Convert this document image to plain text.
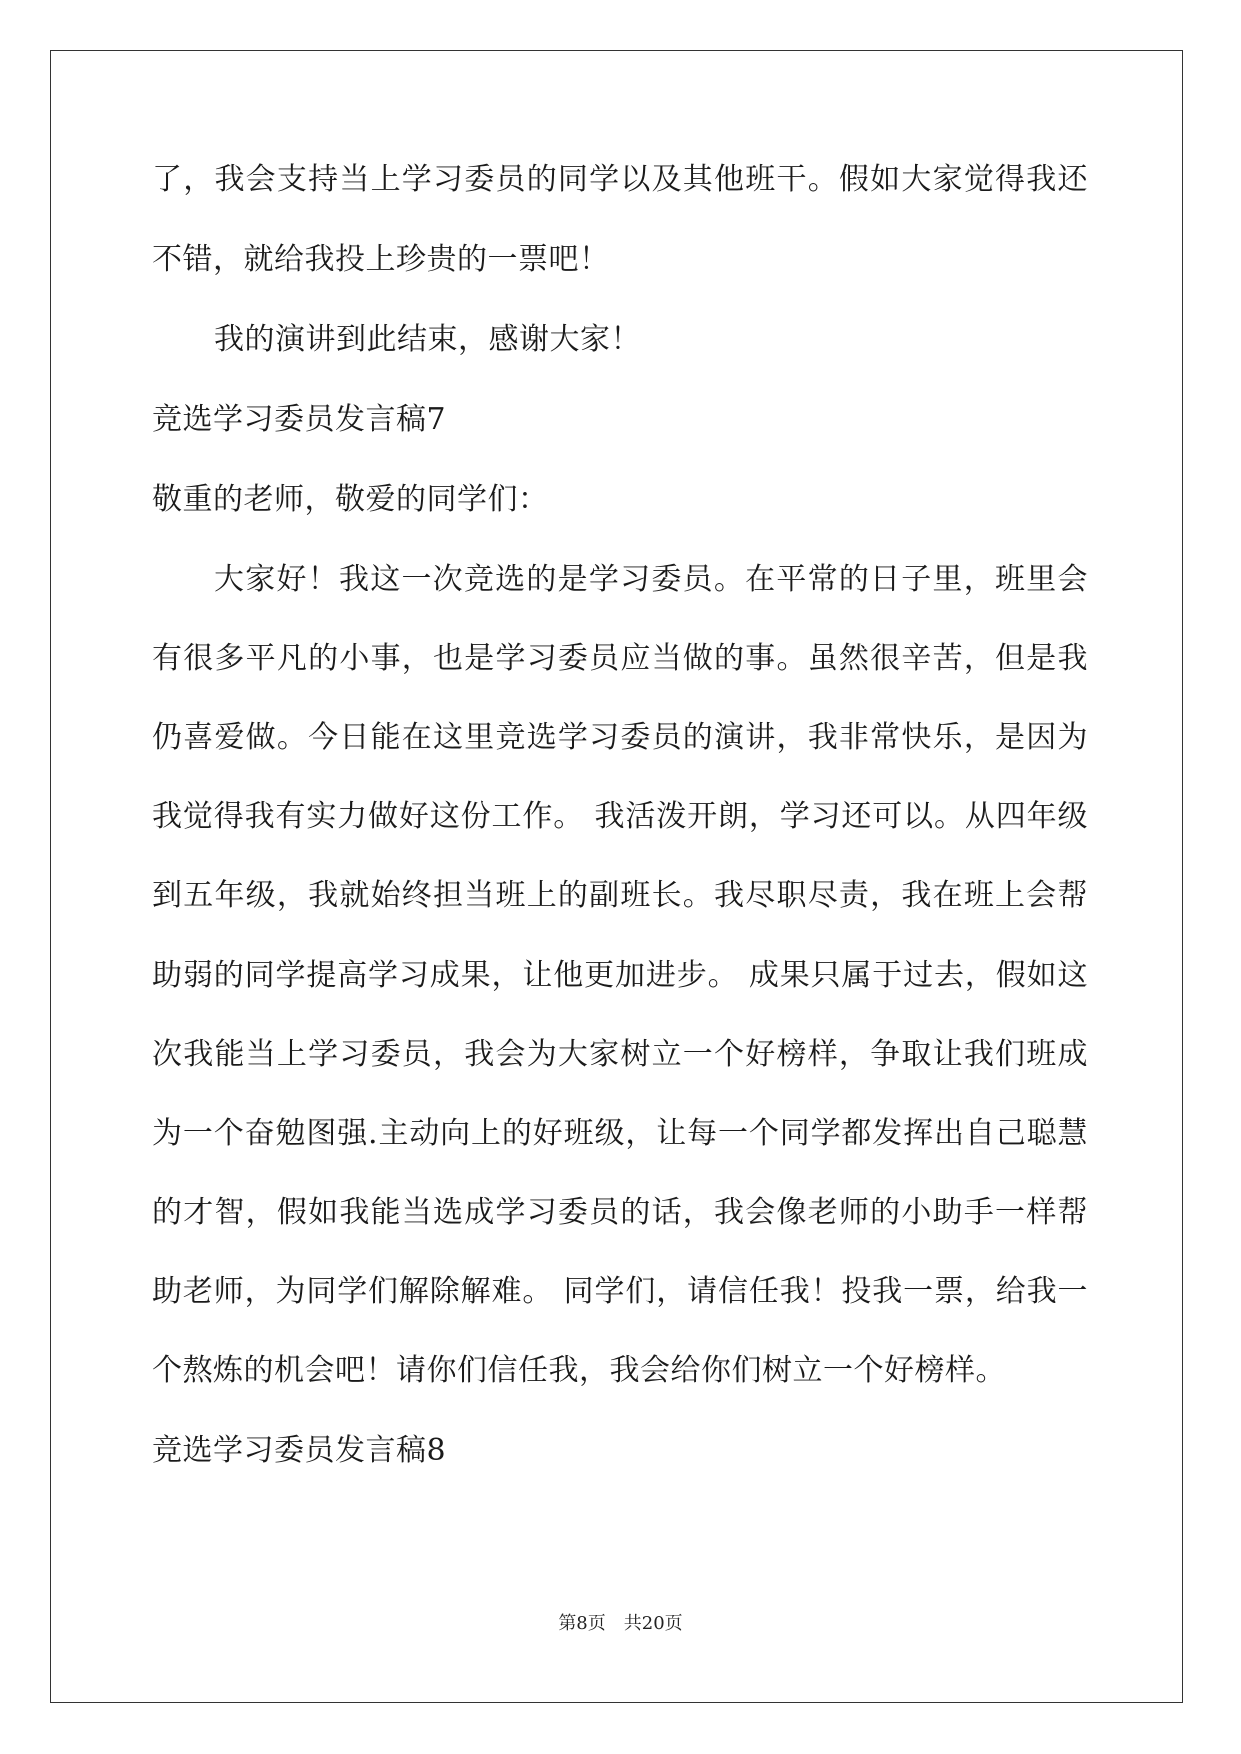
了，我会支持当上学习委员的同学以及其他班干。假如大家觉得我还
不错，就给我投上珍贵的一票吧！
我的演讲到此结束，感谢大家！
竞选学习委员发言稿7
敬重的老师，敬爱的同学们：
大家好！我这一次竞选的是学习委员。在平常的日子里，班里会
有很多平凡的小事，也是学习委员应当做的事。虽然很辛苦，但是我
仍喜爱做。今日能在这里竞选学习委员的演讲，我非常快乐，是因为
我觉得我有实力做好这份工作。 我活泼开朗，学习还可以。从四年级
到五年级，我就始终担当班上的副班长。我尽职尽责，我在班上会帮
助弱的同学提高学习成果，让他更加进步。 成果只属于过去，假如这
次我能当上学习委员，我会为大家树立一个好榜样，争取让我们班成
为一个奋勉图强.主动向上的好班级，让每一个同学都发挥出自己聪慧
的才智，假如我能当选成学习委员的话，我会像老师的小助手一样帮
助老师，为同学们解除解难。 同学们，请信任我！投我一票，给我一
个熬炼的机会吧！请你们信任我，我会给你们树立一个好榜样。
竞选学习委员发言稿8
第8页 共20页
